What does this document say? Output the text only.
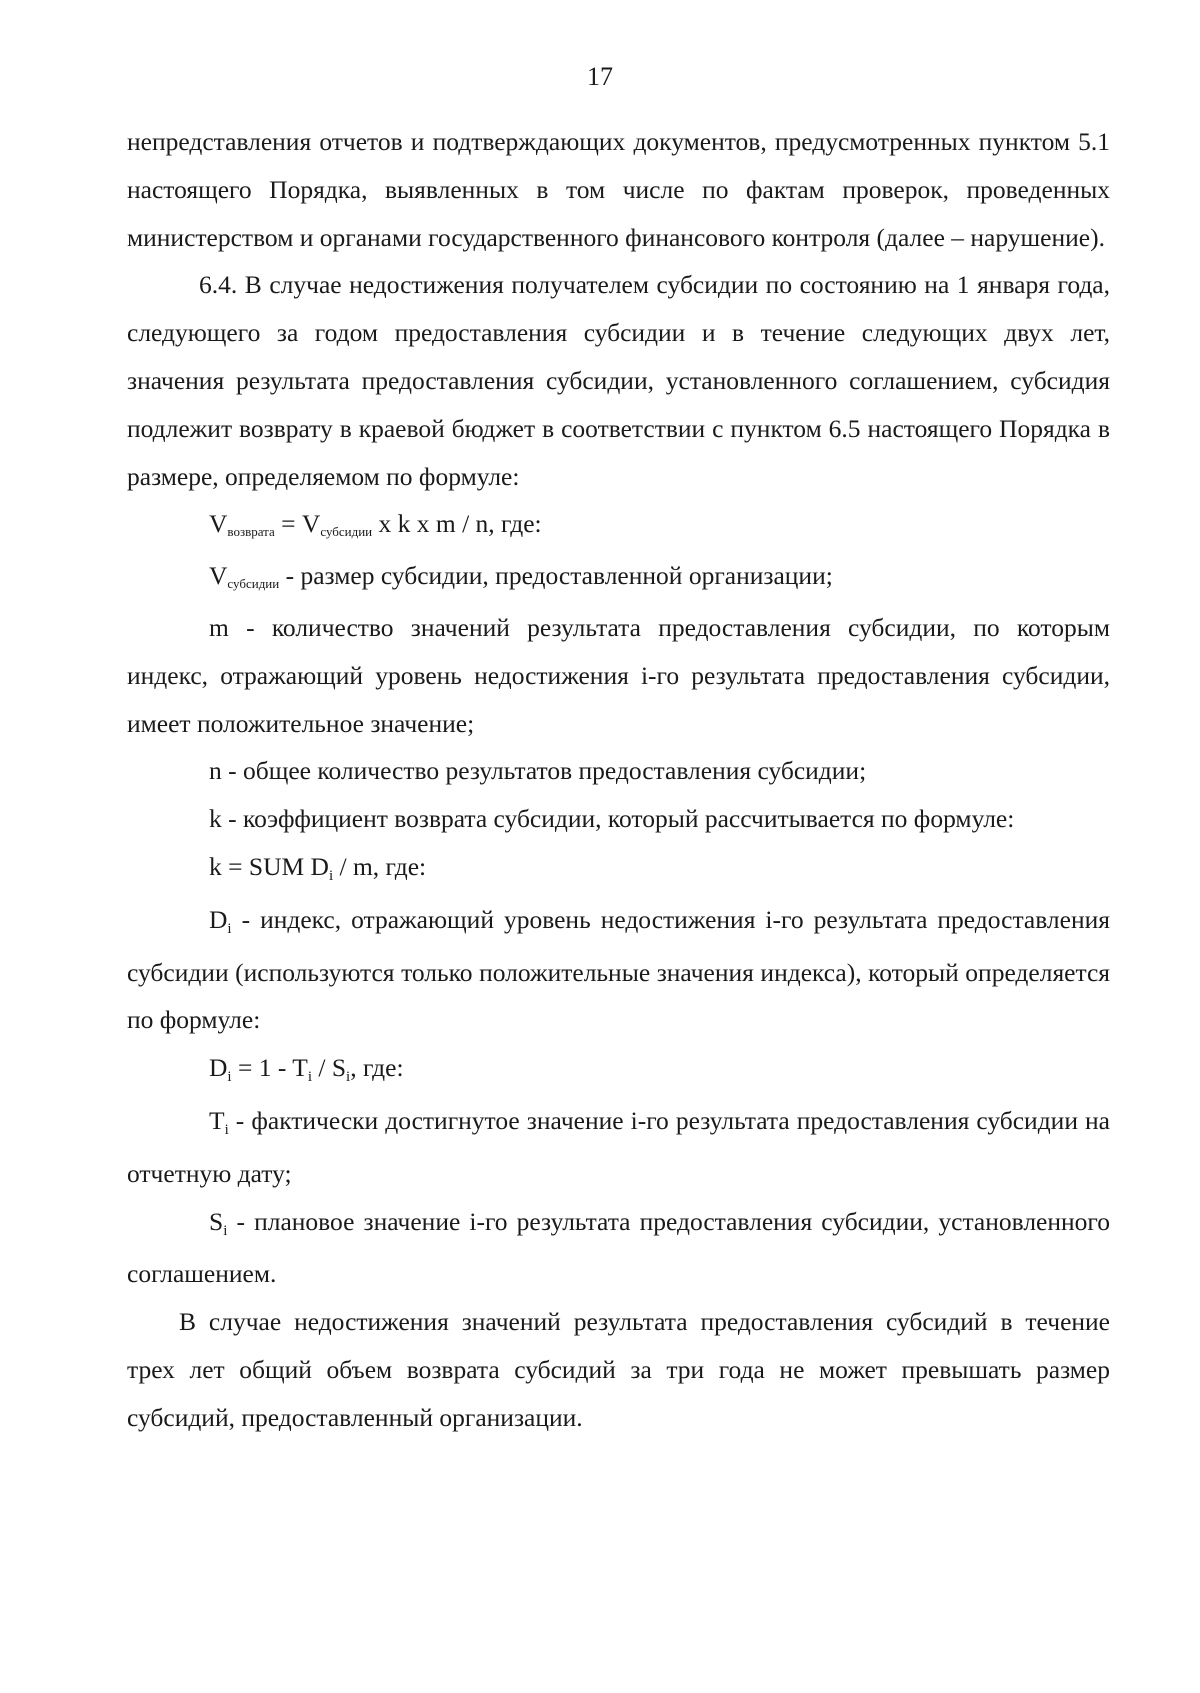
17

непредставления отчетов и подтверждающих документов, предусмотренных пунктом 5.1 настоящего Порядка, выявленных в том числе по фактам проверок, проведенных министерством и органами государственного финансового контроля (далее – нарушение).

6.4. В случае недостижения получателем субсидии по состоянию на 1 января года, следующего за годом предоставления субсидии и в течение следующих двух лет, значения результата предоставления субсидии, установленного соглашением, субсидия подлежит возврату в краевой бюджет в соответствии с пунктом 6.5 настоящего Порядка в размере, определяемом по формуле:

$V_{возврата} = V_{субсидии}$ x k x m / n, где:

$V_{субсидии}$ - размер субсидии, предоставленной организации;

m - количество значений результата предоставления субсидии, по которым индекс, отражающий уровень недостижения i-го результата предоставления субсидии, имеет положительное значение;

n - общее количество результатов предоставления субсидии;

k - коэффициент возврата субсидии, который рассчитывается по формуле:

k = SUM $D_i$ / m, где:

$D_i$ - индекс, отражающий уровень недостижения i-го результата предоставления субсидии (используются только положительные значения индекса), который определяется по формуле:

$D_i = 1 - T_i / S_i$, где:

$T_i$ - фактически достигнутое значение i-го результата предоставления субсидии на отчетную дату;

$S_i$ - плановое значение i-го результата предоставления субсидии, установленного соглашением.

В случае недостижения значений результата предоставления субсидий в течение трех лет общий объем возврата субсидий за три года не может превышать размер субсидий, предоставленный организации.
